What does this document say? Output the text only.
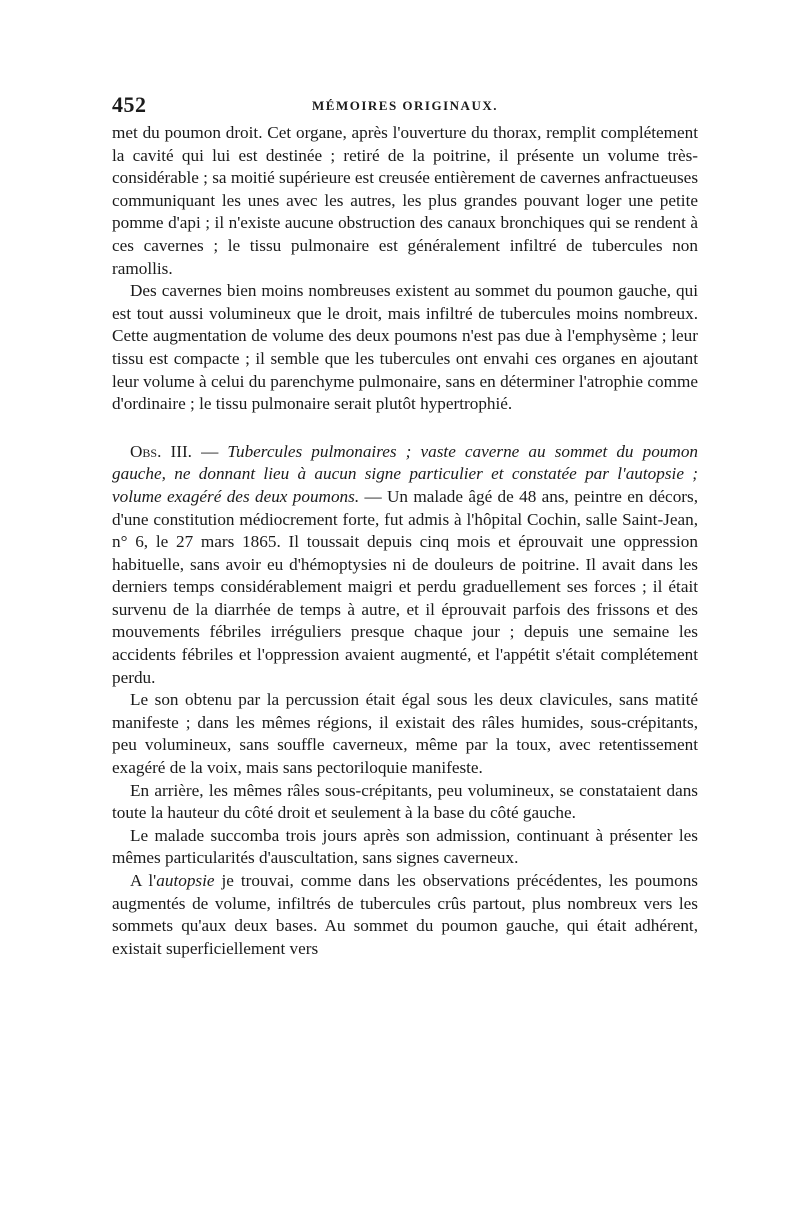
452	MÉMOIRES ORIGINAUX.

met du poumon droit. Cet organe, après l'ouverture du thorax, remplit complétement la cavité qui lui est destinée ; retiré de la poitrine, il présente un volume très-considérable ; sa moitié supérieure est creusée entièrement de cavernes anfractueuses communiquant les unes avec les autres, les plus grandes pouvant loger une petite pomme d'api ; il n'existe aucune obstruction des canaux bronchiques qui se rendent à ces cavernes ; le tissu pulmonaire est généralement infiltré de tubercules non ramollis.

Des cavernes bien moins nombreuses existent au sommet du poumon gauche, qui est tout aussi volumineux que le droit, mais infiltré de tubercules moins nombreux. Cette augmentation de volume des deux poumons n'est pas due à l'emphysème ; leur tissu est compacte ; il semble que les tubercules ont envahi ces organes en ajoutant leur volume à celui du parenchyme pulmonaire, sans en déterminer l'atrophie comme d'ordinaire ; le tissu pulmonaire serait plutôt hypertrophié.

Obs. III. — Tubercules pulmonaires ; vaste caverne au sommet du poumon gauche, ne donnant lieu à aucun signe particulier et constatée par l'autopsie ; volume exagéré des deux poumons. — Un malade âgé de 48 ans, peintre en décors, d'une constitution médiocrement forte, fut admis à l'hôpital Cochin, salle Saint-Jean, n° 6, le 27 mars 1865. Il toussait depuis cinq mois et éprouvait une oppression habituelle, sans avoir eu d'hémoptysies ni de douleurs de poitrine. Il avait dans les derniers temps considérablement maigri et perdu graduellement ses forces ; il était survenu de la diarrhée de temps à autre, et il éprouvait parfois des frissons et des mouvements fébriles irréguliers presque chaque jour ; depuis une semaine les accidents fébriles et l'oppression avaient augmenté, et l'appétit s'était complétement perdu.

Le son obtenu par la percussion était égal sous les deux clavicules, sans matité manifeste ; dans les mêmes régions, il existait des râles humides, sous-crépitants, peu volumineux, sans souffle caverneux, même par la toux, avec retentissement exagéré de la voix, mais sans pectoriloquie manifeste.

En arrière, les mêmes râles sous-crépitants, peu volumineux, se constataient dans toute la hauteur du côté droit et seulement à la base du côté gauche.

Le malade succomba trois jours après son admission, continuant à présenter les mêmes particularités d'auscultation, sans signes caverneux.

A l'autopsie je trouvai, comme dans les observations précédentes, les poumons augmentés de volume, infiltrés de tubercules crûs partout, plus nombreux vers les sommets qu'aux deux bases. Au sommet du poumon gauche, qui était adhérent, existait superficiellement vers
